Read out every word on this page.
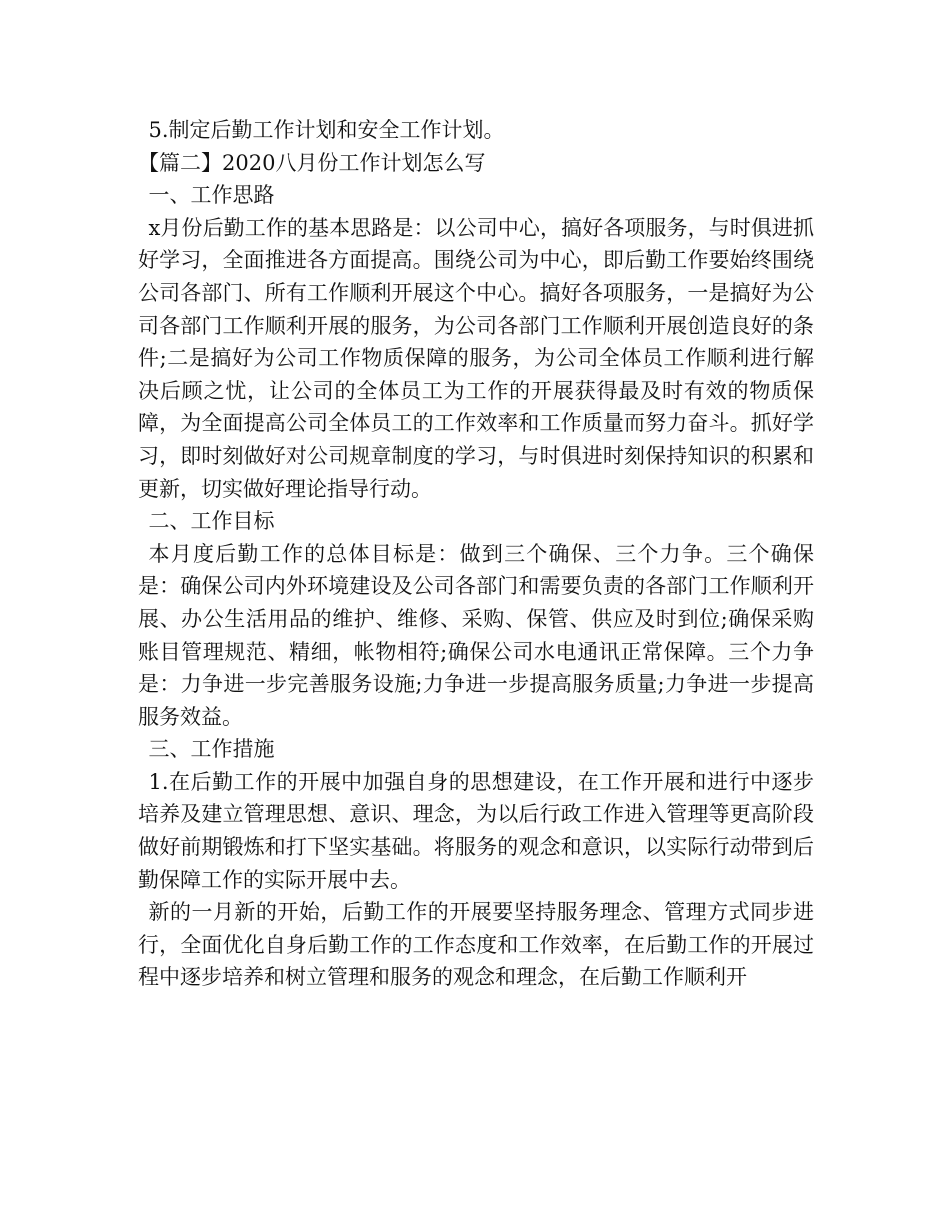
5.制定后勤工作计划和安全工作计划。

【篇二】2020八月份工作计划怎么写

一、工作思路

x月份后勤工作的基本思路是：以公司中心，搞好各项服务，与时俱进抓好学习，全面推进各方面提高。围绕公司为中心，即后勤工作要始终围绕公司各部门、所有工作顺利开展这个中心。搞好各项服务，一是搞好为公司各部门工作顺利开展的服务，为公司各部门工作顺利开展创造良好的条件;二是搞好为公司工作物质保障的服务，为公司全体员工作顺利进行解决后顾之忧，让公司的全体员工为工作的开展获得最及时有效的物质保障，为全面提高公司全体员工的工作效率和工作质量而努力奋斗。抓好学习，即时刻做好对公司规章制度的学习，与时俱进时刻保持知识的积累和更新，切实做好理论指导行动。

二、工作目标

本月度后勤工作的总体目标是：做到三个确保、三个力争。三个确保是：确保公司内外环境建设及公司各部门和需要负责的各部门工作顺利开展、办公生活用品的维护、维修、采购、保管、供应及时到位;确保采购账目管理规范、精细，帐物相符;确保公司水电通讯正常保障。三个力争是：力争进一步完善服务设施;力争进一步提高服务质量;力争进一步提高服务效益。

三、工作措施

1.在后勤工作的开展中加强自身的思想建设，在工作开展和进行中逐步培养及建立管理思想、意识、理念，为以后行政工作进入管理等更高阶段做好前期锻炼和打下坚实基础。将服务的观念和意识，以实际行动带到后勤保障工作的实际开展中去。

新的一月新的开始，后勤工作的开展要坚持服务理念、管理方式同步进行，全面优化自身后勤工作的工作态度和工作效率，在后勤工作的开展过程中逐步培养和树立管理和服务的观念和理念，在后勤工作顺利开
